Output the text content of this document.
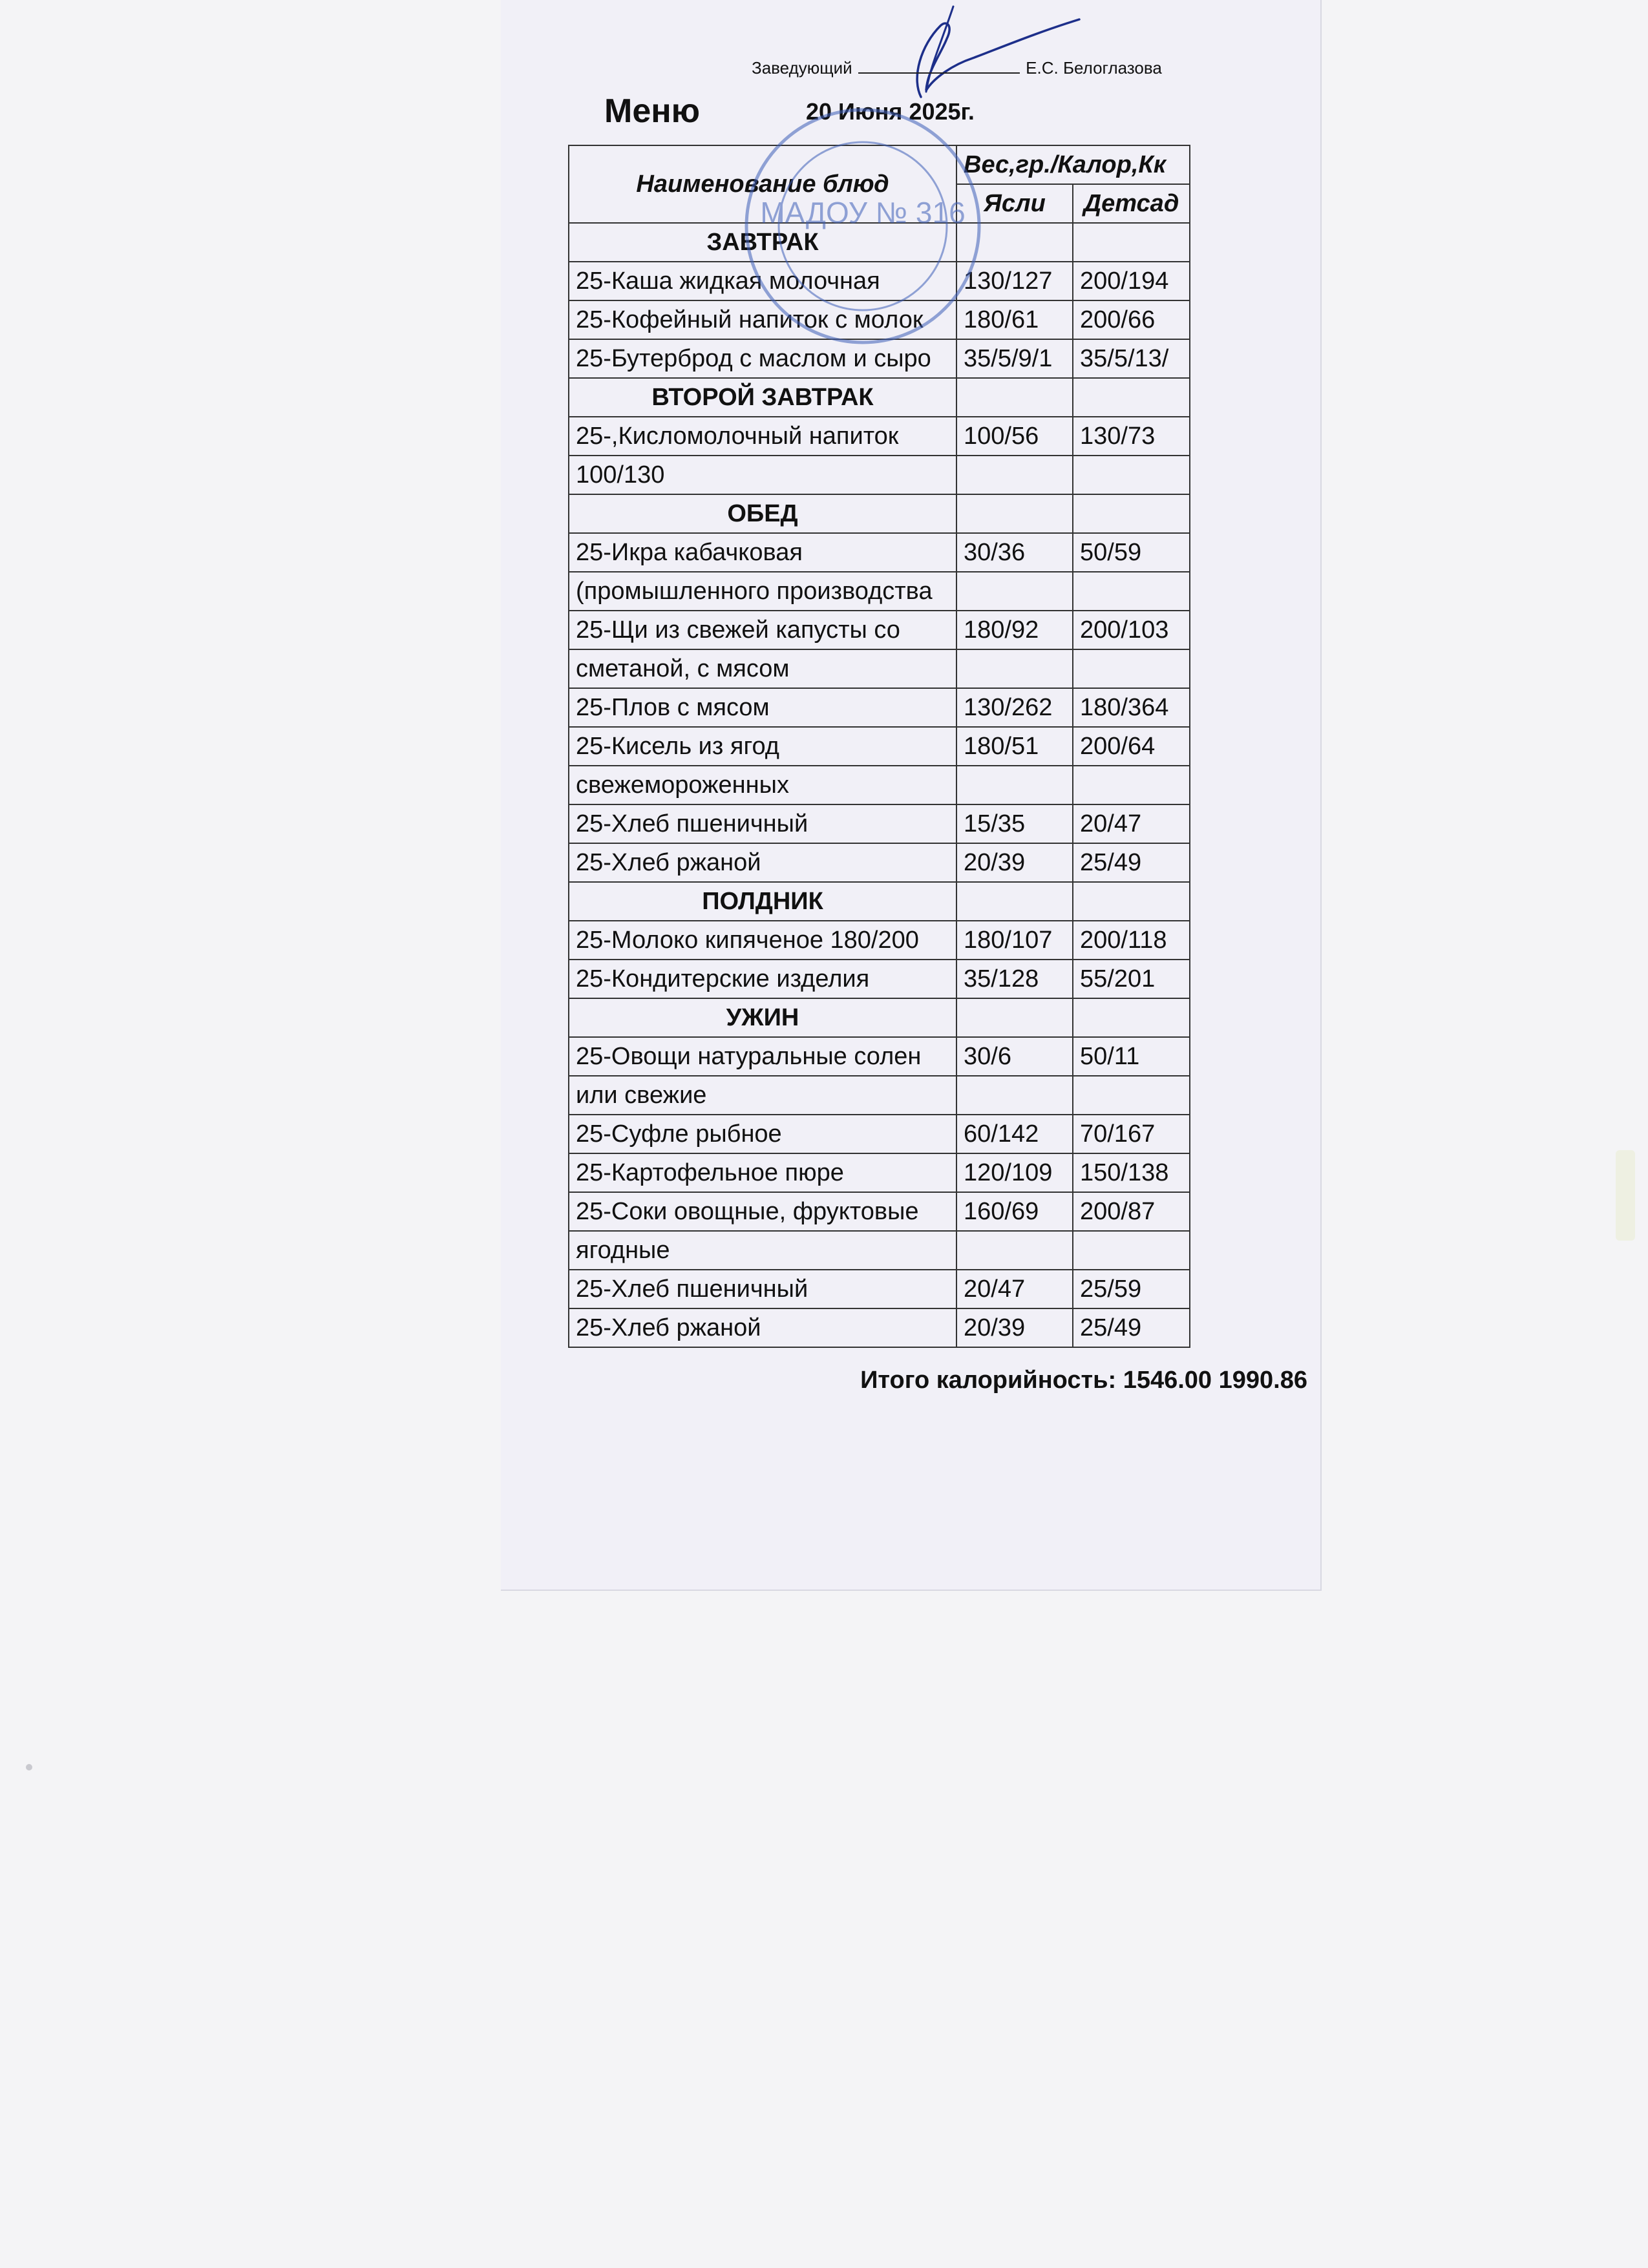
Заведующий	Е.С. Белоглазова
Меню	20 Июня 2025г.
Наименование блюд	Вес,гр./Калор,Кк	
	Ясли	Детсад
ЗАВТРАК		
25-Каша жидкая молочная	130/127	200/194
25-Кофейный напиток с молок	180/61	200/66
25-Бутерброд с маслом и сыро	35/5/9/1	35/5/13/
ВТОРОЙ ЗАВТРАК		
25-,Кисломолочный напиток	100/56	130/73
100/130		
ОБЕД		
25-Икра кабачковая	30/36	50/59
(промышленного производства		
25-Щи из свежей капусты со	180/92	200/103
сметаной, с мясом		
25-Плов с мясом	130/262	180/364
25-Кисель из ягод	180/51	200/64
свежемороженных		
25-Хлеб пшеничный	15/35	20/47
25-Хлеб ржаной	20/39	25/49
ПОЛДНИК		
25-Молоко кипяченое 180/200	180/107	200/118
25-Кондитерские изделия	35/128	55/201
УЖИН		
25-Овощи натуральные солен	30/6	50/11
или свежие		
25-Суфле рыбное	60/142	70/167
25-Картофельное пюре	120/109	150/138
25-Соки овощные, фруктовые	160/69	200/87
ягодные		
25-Хлеб пшеничный	20/47	25/59
25-Хлеб ржаной	20/39	25/49
Итого калорийность: 1546.00 1990.86
МАДОУ № 316
